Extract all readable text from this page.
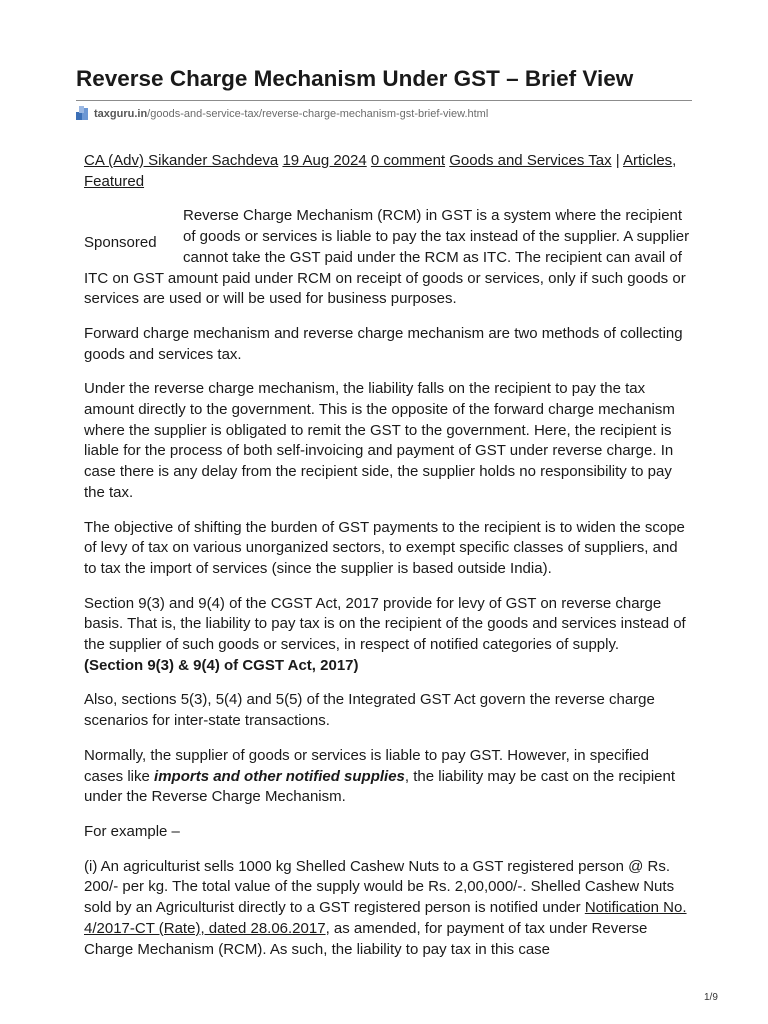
Reverse Charge Mechanism Under GST – Brief View
taxguru.in/goods-and-service-tax/reverse-charge-mechanism-gst-brief-view.html

CA (Adv) Sikander Sachdeva 19 Aug 2024 0 comment Goods and Services Tax | Articles, Featured

Sponsored

Reverse Charge Mechanism (RCM) in GST is a system where the recipient of goods or services is liable to pay the tax instead of the supplier. A supplier cannot take the GST paid under the RCM as ITC. The recipient can avail of ITC on GST amount paid under RCM on receipt of goods or services, only if such goods or services are used or will be used for business purposes.

Forward charge mechanism and reverse charge mechanism are two methods of collecting goods and services tax.

Under the reverse charge mechanism, the liability falls on the recipient to pay the tax amount directly to the government. This is the opposite of the forward charge mechanism where the supplier is obligated to remit the GST to the government. Here, the recipient is liable for the process of both self-invoicing and payment of GST under reverse charge. In case there is any delay from the recipient side, the supplier holds no responsibility to pay the tax.

The objective of shifting the burden of GST payments to the recipient is to widen the scope of levy of tax on various unorganized sectors, to exempt specific classes of suppliers, and to tax the import of services (since the supplier is based outside India).

Section 9(3) and 9(4) of the CGST Act, 2017 provide for levy of GST on reverse charge basis. That is, the liability to pay tax is on the recipient of the goods and services instead of the supplier of such goods or services, in respect of notified categories of supply.
(Section 9(3) & 9(4) of CGST Act, 2017)

Also, sections 5(3), 5(4) and 5(5) of the Integrated GST Act govern the reverse charge scenarios for inter-state transactions.

Normally, the supplier of goods or services is liable to pay GST. However, in specified cases like imports and other notified supplies, the liability may be cast on the recipient under the Reverse Charge Mechanism.

For example –

(i) An agriculturist sells 1000 kg Shelled Cashew Nuts to a GST registered person @ Rs. 200/- per kg. The total value of the supply would be Rs. 2,00,000/-. Shelled Cashew Nuts sold by an Agriculturist directly to a GST registered person is notified under Notification No. 4/2017-CT (Rate), dated 28.06.2017, as amended, for payment of tax under Reverse Charge Mechanism (RCM). As such, the liability to pay tax in this case

1/9
